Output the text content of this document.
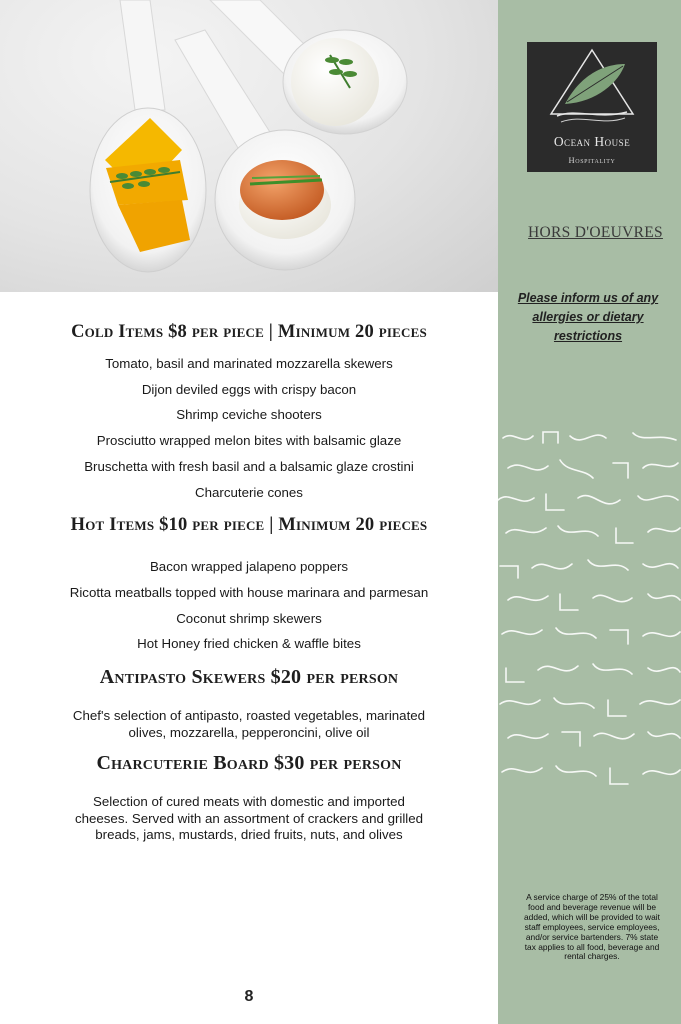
Ocean House
Hospitality
HORS D'OEUVRES
Please inform us of any allergies or dietary restrictions
A service charge of 25% of the total food and beverage revenue will be added, which will be provided to wait staff employees, service employees, and/or service bartenders. 7% state tax applies to all food, beverage and rental charges.
Cold Items $8 per piece | Minimum 20 pieces
Tomato, basil and marinated mozzarella skewers
Dijon deviled eggs with crispy bacon
Shrimp ceviche shooters
Prosciutto wrapped melon bites with balsamic glaze
Bruschetta with fresh basil and a balsamic glaze crostini
Charcuterie cones
Hot Items $10 per piece | Minimum 20 pieces
Bacon wrapped jalapeno poppers
Ricotta meatballs topped with house marinara and parmesan
Coconut shrimp skewers
Hot Honey fried chicken & waffle bites
Antipasto Skewers $20 per person
Chef's selection of antipasto, roasted vegetables, marinated olives, mozzarella, pepperoncini, olive oil
Charcuterie Board $30 per person
Selection of cured meats with domestic and imported cheeses. Served with an assortment of crackers and grilled breads, jams, mustards, dried fruits, nuts, and olives
8
